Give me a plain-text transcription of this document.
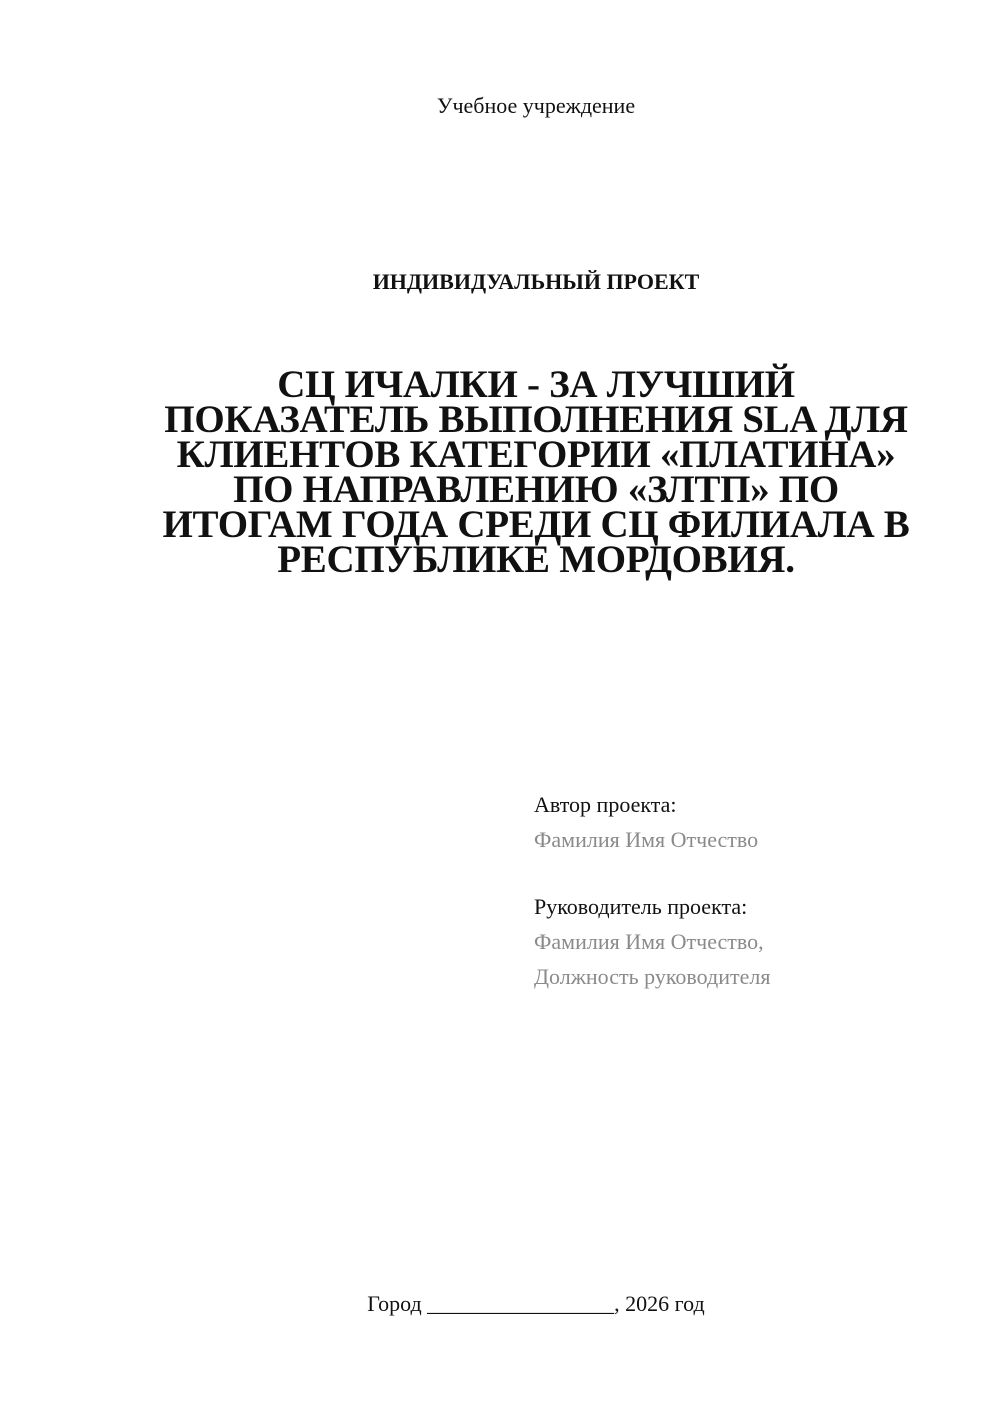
Учебное учреждение
ИНДИВИДУАЛЬНЫЙ ПРОЕКТ
СЦ ИЧАЛКИ - ЗА ЛУЧШИЙ
ПОКАЗАТЕЛЬ ВЫПОЛНЕНИЯ SLA ДЛЯ
КЛИЕНТОВ КАТЕГОРИИ «ПЛАТИНА»
ПО НАПРАВЛЕНИЮ «ЗЛТП» ПО
ИТОГАМ ГОДА СРЕДИ СЦ ФИЛИАЛА В
РЕСПУБЛИКЕ МОРДОВИЯ.
Автор проекта:
Фамилия Имя Отчество
Руководитель проекта:
Фамилия Имя Отчество,
Должность руководителя
Город _________________, 2026 год
